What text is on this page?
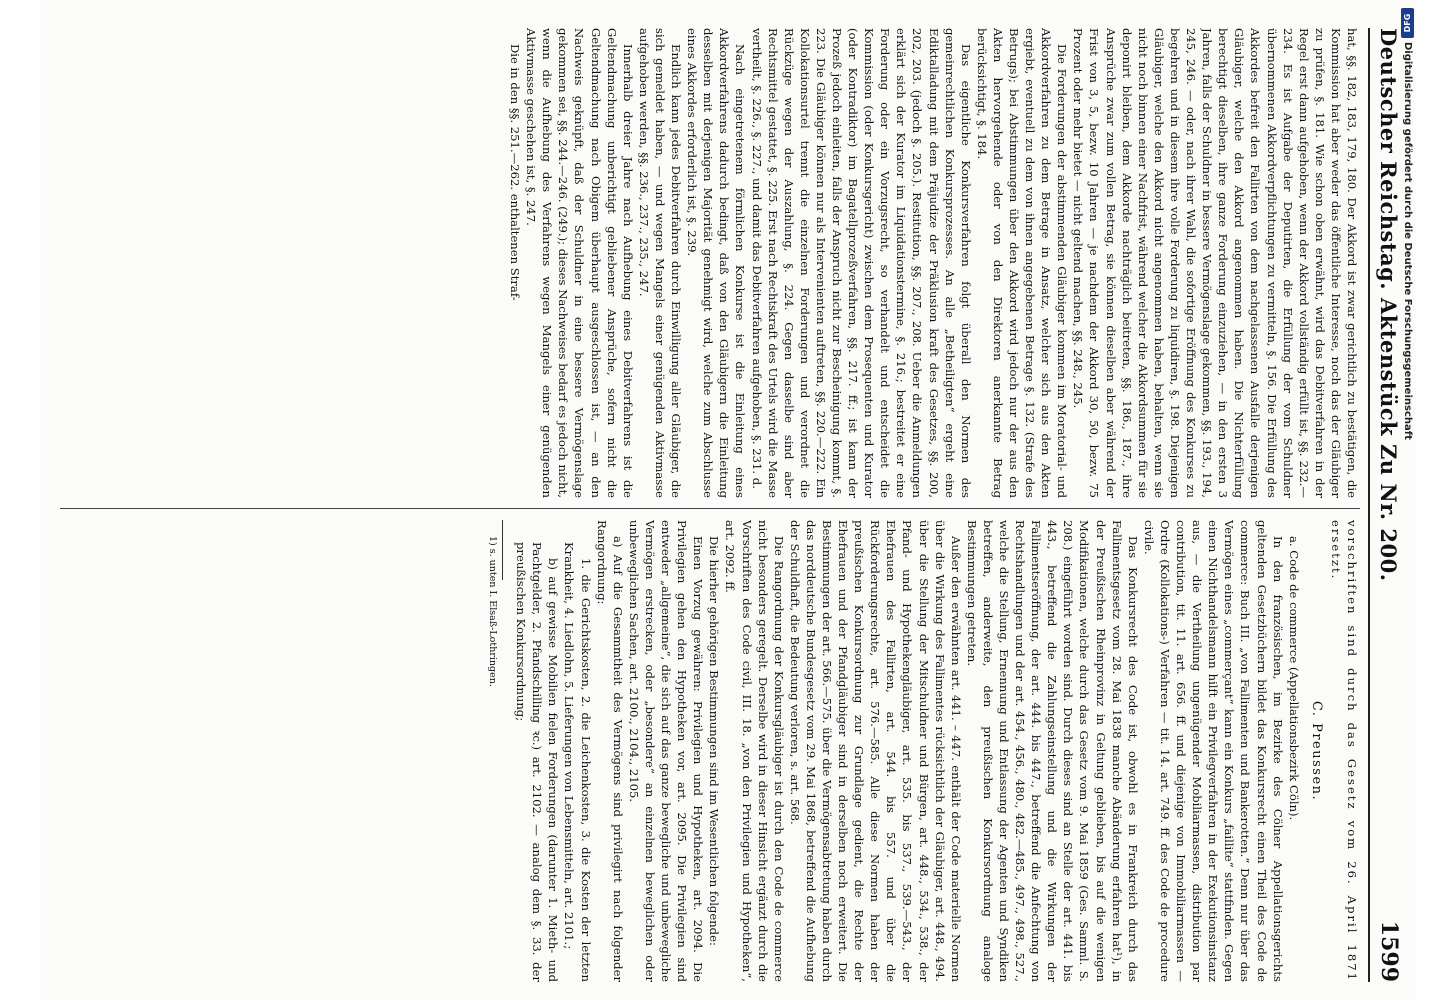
Deutscher Reichstag. Aktenstück Zu Nr. 200.
1599

hat, §§. 182, 183, 179, 180. Der Akkord ist zwar gerichtlich zu bestätigen, die Kommission hat aber weder das öffentliche Interesse, noch das der Gläubiger zu prüfen, §. 181. Wie schon oben erwähnt, wird das Debitverfahren in der Regel erst dann aufgehoben, wenn der Akkord vollständig erfüllt ist, §§. 232.—234. Es ist Aufgabe der Deputirten, die Erfüllung der vom Schuldner übernommenen Akkordverpflichtungen zu vermitteln, §. 156. Die Erfüllung des Akkordes befreit den Fallirten von dem nachgelassenen Ausfalle derjenigen Gläubiger, welche den Akkord angenommen haben. Die Nichterfüllung berechtigt dieselben, ihre ganze Forderung einzuziehen, — in den ersten 3 Jahren, falls der Schuldner in bessere Vermögenslage gekommen, §§. 193., 194, 245, 246. — oder, nach ihrer Wahl, die sofortige Eröffnung des Konkurses zu begehren und in diesem ihre volle Forderung zu liquidiren, §. 198. Diejenigen Gläubiger, welche den Akkord nicht angenommen haben, behalten, wenn sie nicht noch binnen einer Nachfrist, während welcher die Akkordsummen für sie deponirt bleiben, dem Akkorde nachträglich beitreten, §§. 186., 187., ihre Ansprüche zwar zum vollen Betrag, sie können dieselben aber während der Frist von 3, 5, bezw. 10 Jahren — je nachdem der Akkord 30, 50, bezw. 75 Prozent oder mehr bietet — nicht geltend machen, §§. 248., 245.

Die Forderungen der abstimmenden Gläubiger kommen im Moratorial- und Akkordverfahren zu dem Betrage in Ansatz, welcher sich aus den Akten ergiebt, eventuell zu dem von ihnen angegebenen Betrage §. 132. (Strafe des Betrugs); bei Abstimmungen über den Akkord wird jedoch nur der aus den Akten hervorgehende oder von den Direktoren anerkannte Betrag berücksichtigt, §. 184.

Das eigentliche Konkursverfahren folgt überall den Normen des gemeinrechtlichen Konkursprozesses. An alle „Betheiligten“ ergeht eine Ediktalladung mit dem Präjudize der Präklusion kraft des Gesetzes, §§. 200, 202, 203. (jedoch §. 205.). Restitution, §§. 207., 208. Ueber die Anmeldungen erklärt sich der Kurator im Liquidationstermine, §. 216.; bestreitet er eine Forderung oder ein Vorzugsrecht, so verhandelt und entscheidet die Kommission (oder Konkursgericht) zwischen dem Prosequenten und Kurator (oder Kontradiktor) im Bagatellprozeßverfahren, §§. 217. ff.; ist kann der Prozeß jedoch einleiten, falls der Anspruch nicht zur Bescheinigung kommt, §. 223. Die Gläubiger können nur als Intervenienten auftreten, §§. 220.—222. Ein Kollokationsurtel trennt die einzelnen Forderungen und verordnet die Rückzüge wegen der Auszahlung, §. 224. Gegen dasselbe sind aber Rechtsmittel gestattet, §. 225. Erst nach Rechtskraft des Urtels wird die Masse vertheilt, §. 226., §. 227., und damit das Debitverfahren aufgehoben, §. 231. d.

Nach eingetretenem förmlichen Konkurse ist die Einleitung eines Akkordverfahrens dadurch bedingt, daß von den Gläubigern die Einleitung desselben mit derjenigen Majorität genehmigt wird, welche zum Abschlusse eines Akkordes erforderlich ist, §. 239.

Endlich kann jedes Debitverfahren durch Einwilligung aller Gläubiger, die sich gemeldet haben, — und wegen Mangels einer genügenden Aktivmasse aufgehoben werden, §§. 236., 237., 235., 247.

Innerhalb dreier Jahre nach Aufhebung eines Debitverfahrens ist die Geltendmachung unberichtigt gebliebener Ansprüche, sofern nicht die Geltendmachung nach Obigem überhaupt ausgeschlossen ist, — an den Nachweis geknüpft, daß der Schuldner in eine bessere Vermögenslage gekommen sei, §§. 244.—246. (249.); dieses Nachweises bedarf es jedoch nicht, wenn die Aufhebung des Verfahrens wegen Mangels einer genügenden Aktivmasse geschehen ist, §. 247.

Die in den §§. 251.—262. enthaltenen Straf-

vorschriften sind durch das Gesetz vom 26. April 1871 ersetzt.

C. Preussen.

a. Code de commerce (Appellationsbezirk Cöln).

In den französischen, im Bezirke des Cölner Appellationsgerichts geltenden Gesetzbüchern bildet das Konkursrecht einen Theil des Code de commerce: Buch III. „von Fallimenten und Bankerotten.“ Denn nur über das Vermögen eines „commerçant“ kann ein Konkurs „faillite“ stattfinden. Gegen einen Nichthandelsmann hilft ein Privilegverfahren in der Exekutionsinstanz aus, — die Vertheilung ungenügender Mobiliarmassen, distribution par contribution, tit. 11. art. 656. ff. und diejenige von Immobiliarmassen — Ordre (Kollokations-) Verfahren — tit. 14. art. 749. ff. des Code de procedure civile.

Das Konkursrecht des Code ist, obwohl es in Frankreich durch das Fallimentsgesetz vom 28. Mai 1838 manche Abänderung erfahren hat¹), in der Preußischen Rheinprovinz in Geltung geblieben, bis auf die wenigen Modifikationen, welche durch das Gesetz vom 9. Mai 1859 (Ges. Samml. S. 208.) eingeführt worden sind. Durch dieses sind an Stelle der art. 441. bis 443., betreffend die Zahlungseinstellung und die Wirkungen der Fallimentseröffnung, der art. 444. bis 447., betreffend die Anfechtung von Rechtshandlungen und der art. 454., 456., 480., 482.—485., 497., 498., 527., welche die Stellung, Ernennung und Entlassung der Agenten und Syndiken betreffen, anderweite, den preußischen Konkursordnung analoge Bestimmungen getreten.

Außer den erwähnten art. 441. – 447. enthält der Code materielle Normen über die Wirkung des Fallimentes rücksichtlich der Gläubiger, art. 448., 494. über die Stellung der Mitschuldner und Bürgen, art. 448., 534., 538., der Pfand- und Hypothekengläubiger, art. 535. bis 537., 539.—543., der Ehefrauen des Fallirten, art. 544. bis 557. und über die Rückforderungsrechte, art. 576.—585. Alle diese Normen haben der preußischen Konkursordnung zur Grundlage gedient, die Rechte der Ehefrauen und der Pfandgläubiger sind in derselben noch erweitert. Die Bestimmungen der art. 566.—575. über die Vermögensabtretung haben durch das norddeutsche Bundesgesetz vom 29. Mai 1868, betreffend die Aufhebung der Schuldhaft, die Bedeutung verloren, s. art. 568.

Die Rangordnung der Konkursgläubiger ist durch den Code de commerce nicht besonders geregelt. Derselbe wird in dieser Hinsicht ergänzt durch die Vorschriften des Code civil, III. 18. „von den Privilegien und Hypotheken“, art. 2092. ff.

Die hierher gehörigen Bestimmungen sind im Wesentlichen folgende:

Einen Vorzug gewähren: Privilegien und Hypotheken, art. 2094. Die Privilegien gehen den Hypotheken vor, art. 2095. Die Privilegien sind entweder „allgemeine“, die sich auf das ganze bewegliche und unbewegliche Vermögen erstrecken, oder „besondere“ an einzelnen beweglichen oder unbeweglichen Sachen, art. 2100., 2104., 2105.

a) Auf die Gesammtheit des Vermögens sind privilegirt nach folgender Rangordnung:

1. die Gerichtskosten, 2. die Leichenkosten, 3. die Kosten der letzten Krankheit, 4. Liedlohn, 5. Lieferungen von Lebensmitteln, art. 2101.;

b) auf gewisse Mobilien fielen Forderungen (darunter 1. Mieth- und Pachtgelder, 2. Pfandschilling ꝛc.) art. 2102. — analog dem §. 33. der preußischen Konkursordnung;

1) s. unten I. Elsaß-Lothringen.

DFG
Digitalisierung gefördert durch die Deutsche Forschungsgemeinschaft
